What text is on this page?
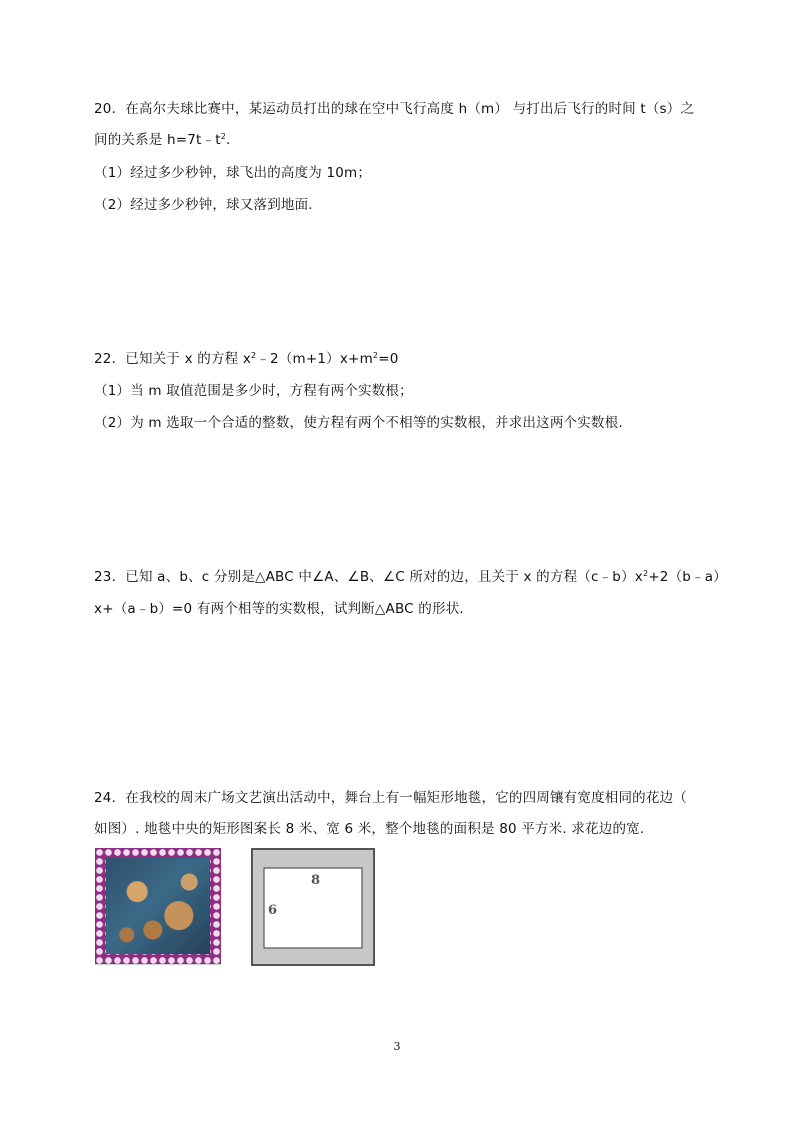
20．在高尔夫球比赛中，某运动员打出的球在空中飞行高度 h（m） 与打出后飞行的时间 t（s）之
间的关系是 $h=7t﹣t^2$.
（1）经过多少秒钟，球飞出的高度为 10m；
（2）经过多少秒钟，球又落到地面.
22．已知关于 x 的方程 $x^2﹣2(m+1)x+m^2=0$
（1）当 m 取值范围是多少时，方程有两个实数根；
（2）为 m 选取一个合适的整数，使方程有两个不相等的实数根，并求出这两个实数根.
23．已知 a、b、c 分别是△ABC 中∠A、∠B、∠C 所对的边，且关于 x 的方程$(c﹣b)x^2+2(b﹣a)$
x+（a﹣b）=0 有两个相等的实数根，试判断△ABC 的形状.
24．在我校的周末广场文艺演出活动中，舞台上有一幅矩形地毯，它的四周镶有宽度相同的花边（
如图）. 地毯中央的矩形图案长 8 米、宽 6 米，整个地毯的面积是 80 平方米. 求花边的宽.
8
6
3
